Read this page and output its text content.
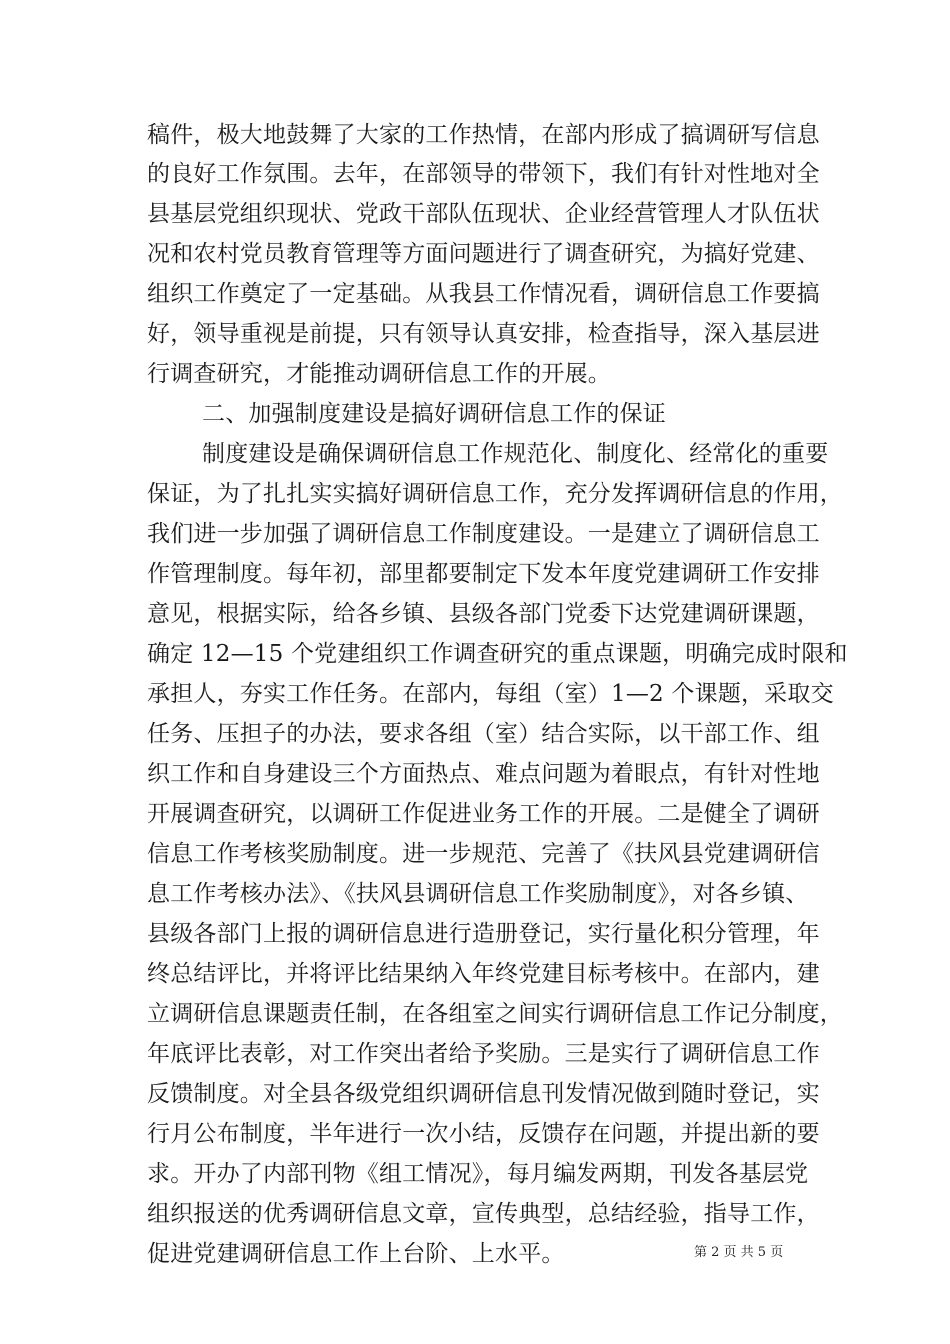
稿件，极大地鼓舞了大家的工作热情，在部内形成了搞调研写信息
的良好工作氛围。去年，在部领导的带领下，我们有针对性地对全
县基层党组织现状、党政干部队伍现状、企业经营管理人才队伍状
况和农村党员教育管理等方面问题进行了调查研究，为搞好党建、
组织工作奠定了一定基础。从我县工作情况看，调研信息工作要搞
好，领导重视是前提，只有领导认真安排，检查指导，深入基层进
行调查研究，才能推动调研信息工作的开展。
二、加强制度建设是搞好调研信息工作的保证
制度建设是确保调研信息工作规范化、制度化、经常化的重要
保证，为了扎扎实实搞好调研信息工作，充分发挥调研信息的作用，
我们进一步加强了调研信息工作制度建设。一是建立了调研信息工
作管理制度。每年初，部里都要制定下发本年度党建调研工作安排
意见，根据实际，给各乡镇、县级各部门党委下达党建调研课题，
确定 12—15 个党建组织工作调查研究的重点课题，明确完成时限和
承担人，夯实工作任务。在部内，每组（室）1—2 个课题，采取交
任务、压担子的办法，要求各组（室）结合实际，以干部工作、组
织工作和自身建设三个方面热点、难点问题为着眼点，有针对性地
开展调查研究，以调研工作促进业务工作的开展。二是健全了调研
信息工作考核奖励制度。进一步规范、完善了《扶风县党建调研信
息工作考核办法》、《扶风县调研信息工作奖励制度》，对各乡镇、
县级各部门上报的调研信息进行造册登记，实行量化积分管理，年
终总结评比，并将评比结果纳入年终党建目标考核中。在部内，建
立调研信息课题责任制，在各组室之间实行调研信息工作记分制度，
年底评比表彰，对工作突出者给予奖励。三是实行了调研信息工作
反馈制度。对全县各级党组织调研信息刊发情况做到随时登记，实
行月公布制度，半年进行一次小结，反馈存在问题，并提出新的要
求。开办了内部刊物《组工情况》，每月编发两期，刊发各基层党
组织报送的优秀调研信息文章，宣传典型，总结经验，指导工作，
促进党建调研信息工作上台阶、上水平。	第 2 页 共 5 页
